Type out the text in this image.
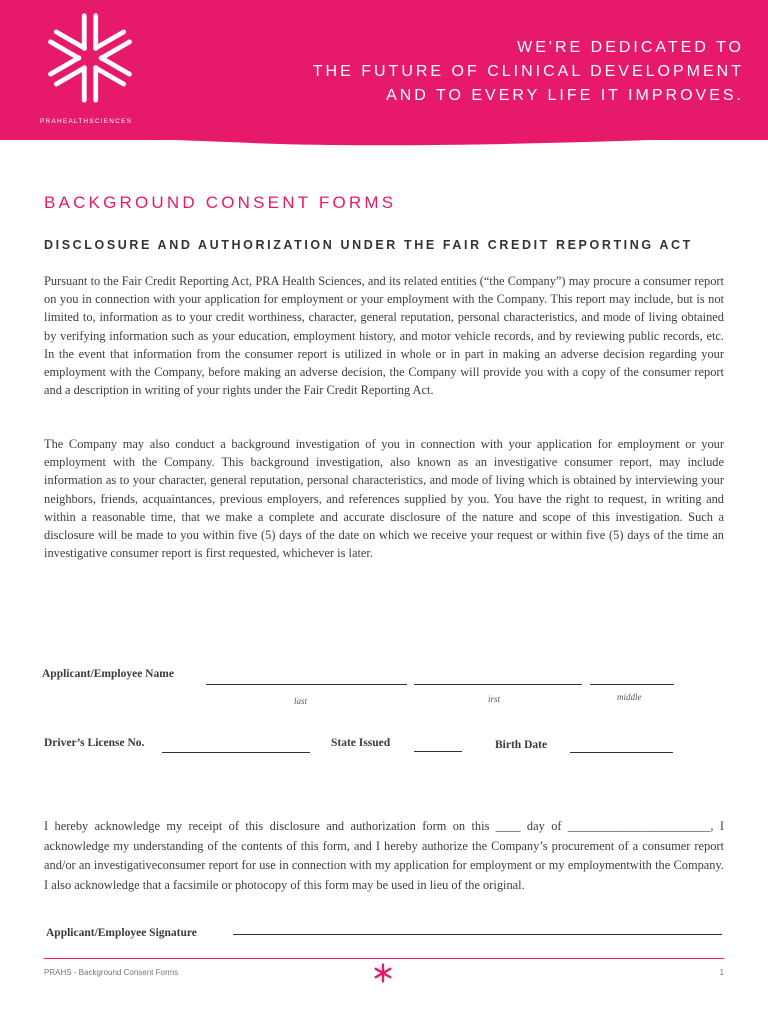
PRAHEALTHSCIENCES
WE'RE DEDICATED TO
THE FUTURE OF CLINICAL DEVELOPMENT
AND TO EVERY LIFE IT IMPROVES.
BACKGROUND CONSENT FORMS
DISCLOSURE AND AUTHORIZATION UNDER THE FAIR CREDIT REPORTING ACT
Pursuant to the Fair Credit Reporting Act, PRA Health Sciences, and its related entities (“the Company”) may procure a consumer report on you in connection with your application for employment or your employment with the Company. This report may include, but is not limited to, information as to your credit worthiness, character, general reputation, personal characteristics, and mode of living obtained by verifying information such as your education, employment history, and motor vehicle records, and by reviewing public records, etc. In the event that information from the consumer report is utilized in whole or in part in making an adverse decision regarding your employment with the Company, before making an adverse decision, the Company will provide you with a copy of the consumer report and a description in writing of your rights under the Fair Credit Reporting Act.
The Company may also conduct a background investigation of you in connection with your application for employment or your employment with the Company. This background investigation, also known as an investigative consumer report, may include information as to your character, general reputation, personal characteristics, and mode of living which is obtained by interviewing your neighbors, friends, acquaintances, previous employers, and references supplied by you. You have the right to request, in writing and within a reasonable time, that we make a complete and accurate disclosure of the nature and scope of this investigation. Such a disclosure will be made to you within five (5) days of the date on which we receive your request or within five (5) days of the time an investigative consumer report is first requested, whichever is later.
Applicant/Employee Name
last	irst	middle
Driver’s License No.	State Issued	Birth Date
I hereby acknowledge my receipt of this disclosure and authorization form on this ____ day of _______________________, I acknowledge my understanding of the contents of this form, and I hereby authorize the Company’s procurement of a consumer report and/or an investigativeconsumer report for use in connection with my application for employment or my employmentwith the Company. I also acknowledge that a facsimile or photocopy of this form may be used in lieu of the original.
Applicant/Employee Signature
PRAHS - Background Consent Forms	1
